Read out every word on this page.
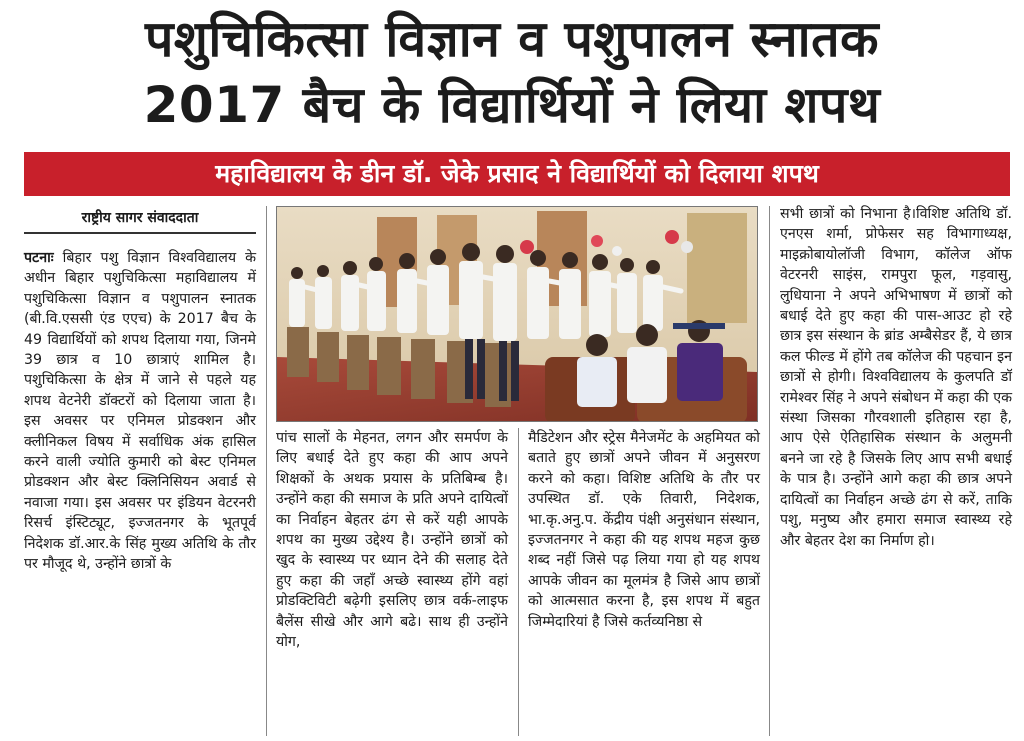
पशुचिकित्सा विज्ञान व पशुपालन स्नातक
2017 बैच के विद्यार्थियों ने लिया शपथ
महाविद्यालय के डीन डॉ. जेके प्रसाद ने विद्यार्थियों को दिलाया शपथ
राष्ट्रीय सागर संवाददाता

पटनाः बिहार पशु विज्ञान विश्वविद्यालय के अधीन बिहार पशुचिकित्सा महाविद्यालय में पशुचिकित्सा विज्ञान व पशुपालन स्नातक (बी.वि.एससी एंड एएच) के 2017 बैच के 49 विद्यार्थियों को शपथ दिलाया गया, जिनमे 39 छात्र व 10 छात्राएं शामिल है। पशुचिकित्सा के क्षेत्र में जाने से पहले यह शपथ वेटनेरी डॉक्टरों को दिलाया जाता है। इस अवसर पर एनिमल प्रोडक्शन और क्लीनिकल विषय में सर्वाधिक अंक हासिल करने वाली ज्योति कुमारी को बेस्ट एनिमल प्रोडक्शन और बेस्ट क्लिनिसियन अवार्ड से नवाजा गया। इस अवसर पर इंडियन वेटरनरी रिसर्च इंस्टिट्यूट, इज्जतनगर के भूतपूर्व निदेशक डॉ.आर.के सिंह मुख्य अतिथि के तौर पर मौजूद थे, उन्होंने छात्रों के

पांच सालों के मेहनत, लगन और समर्पण के लिए बधाई देते हुए कहा की आप अपने शिक्षकों के अथक प्रयास के प्रतिबिम्ब है। उन्होंने कहा की समाज के प्रति अपने दायित्वों का निर्वाहन बेहतर ढंग से करें यही आपके शपथ का मुख्य उद्देश्य है। उन्होंने छात्रों को खुद के स्वास्थ्य पर ध्यान देने की सलाह देते हुए कहा की जहाँ अच्छे स्वास्थ्य होंगे वहां प्रोडक्टिविटी बढ़ेगी इसलिए छात्र वर्क-लाइफ बैलेंस सीखे और आगे बढे। साथ ही उन्होंने योग,
मैडिटेशन और स्ट्रेस मैनेजमेंट के अहमियत को बताते हुए छात्रों अपने जीवन में अनुसरण करने को कहा। विशिष्ट अतिथि के तौर पर उपस्थित डॉ. एके तिवारी, निदेशक, भा.कृ.अनु.प. केंद्रीय पंक्षी अनुसंधान संस्थान, इज्जतनगर ने कहा की यह शपथ महज कुछ शब्द नहीं जिसे पढ़ लिया गया हो यह शपथ आपके जीवन का मूलमंत्र है जिसे आप छात्रों को आत्मसात करना है, इस शपथ में बहुत जिम्मेदारियां है जिसे कर्तव्यनिष्ठा से
सभी छात्रों को निभाना है।विशिष्ट अतिथि डॉ. एनएस शर्मा, प्रोफेसर सह विभागाध्यक्ष, माइक्रोबायोलॉजी विभाग, कॉलेज ऑफ वेटरनरी साइंस, रामपुरा फूल, गड़वासु, लुधियाना ने अपने अभिभाषण में छात्रों को बधाई देते हुए कहा की पास-आउट हो रहे छात्र इस संस्थान के ब्रांड अम्बैसेडर हैं, ये छात्र कल फील्ड में होंगे तब कॉलेज की पहचान इन छात्रों से होगी। विश्वविद्यालय के कुलपति डॉ रामेश्वर सिंह ने अपने संबोधन में कहा की एक संस्था जिसका गौरवशाली इतिहास रहा है, आप ऐसे ऐतिहासिक संस्थान के अलुमनी बनने जा रहे है जिसके लिए आप सभी बधाई के पात्र है। उन्होंने आगे कहा की छात्र अपने दायित्वों का निर्वाहन अच्छे ढंग से करें, ताकि पशु, मनुष्य और हमारा समाज स्वास्थ्य रहे और बेहतर देश का निर्माण हो।
